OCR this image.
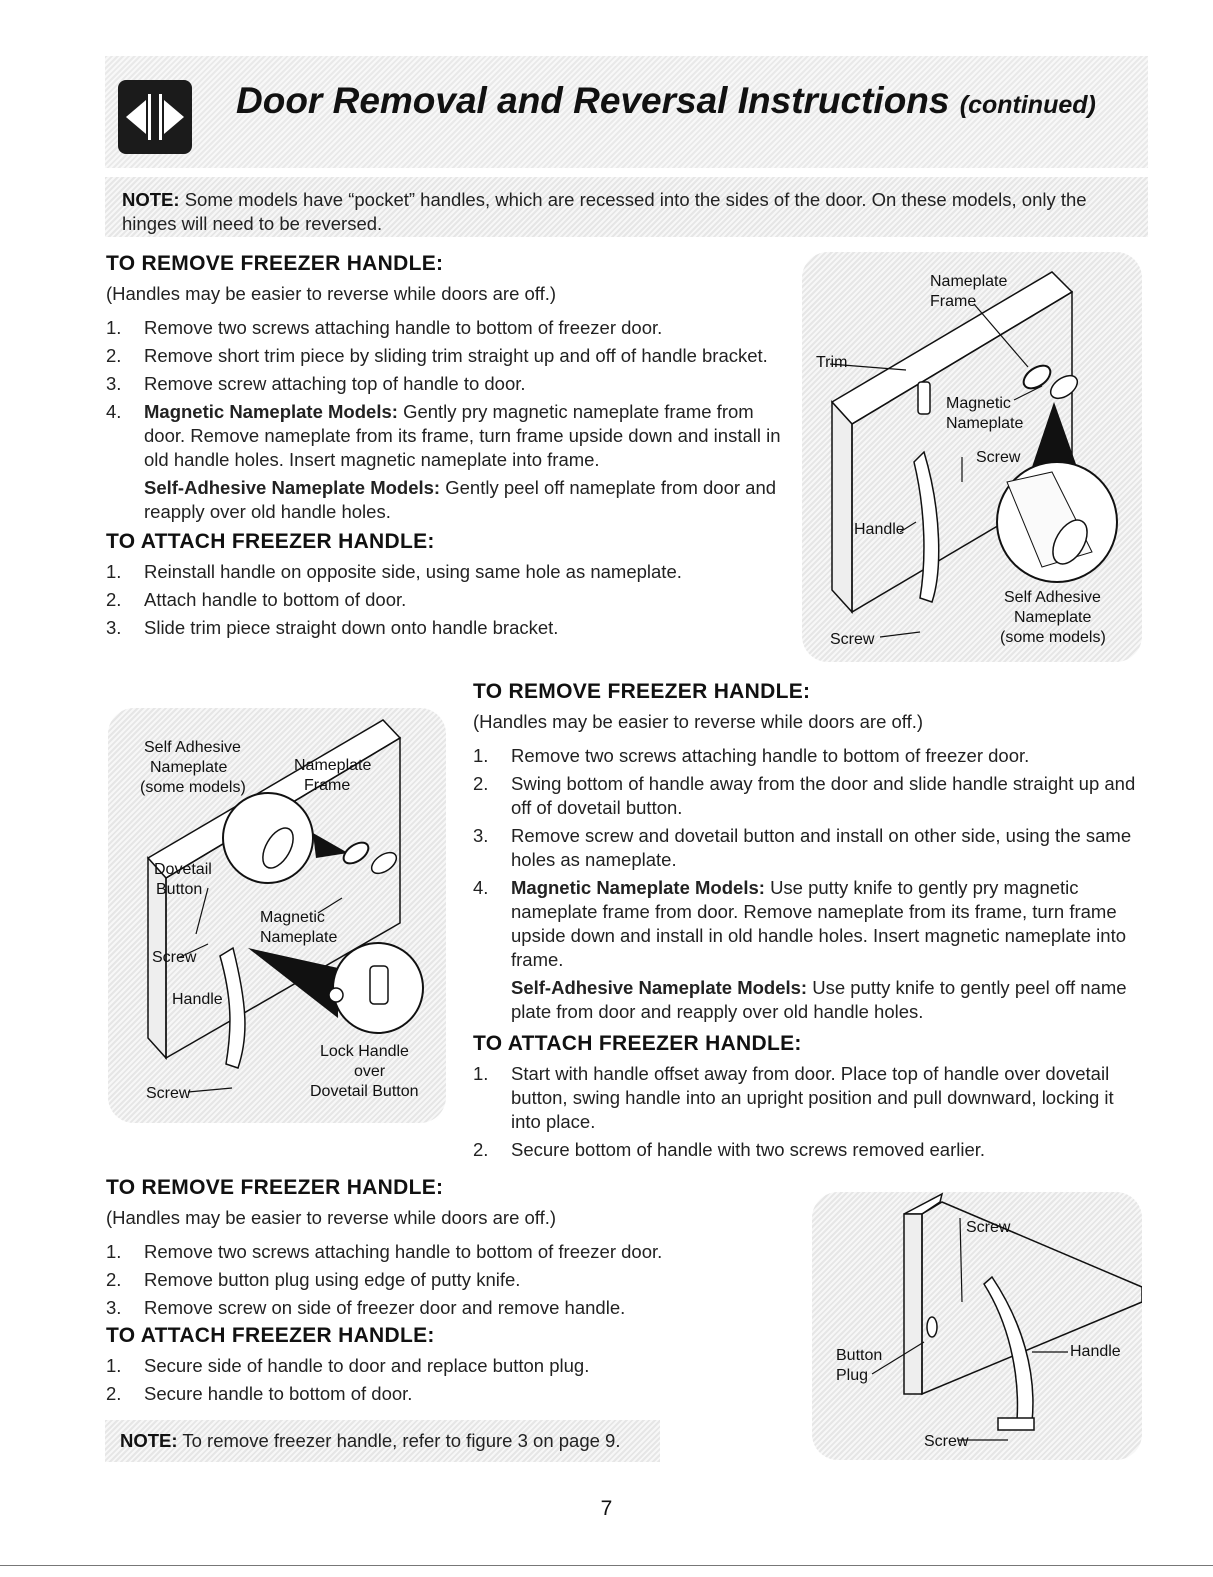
Door Removal and Reversal Instructions (continued)
NOTE: Some models have “pocket” handles, which are recessed into the sides of the door. On these models, only the hinges will need to be reversed.
TO REMOVE FREEZER HANDLE:
(Handles may be easier to reverse while doors are off.)
1. Remove two screws attaching handle to bottom of freezer door.
2. Remove short trim piece by sliding trim straight up and off of handle bracket.
3. Remove screw attaching top of handle to door.
4. Magnetic Nameplate Models: Gently pry magnetic nameplate frame from door. Remove nameplate from its frame, turn frame upside down and install in old handle holes. Insert magnetic nameplate into frame.
Self-Adhesive Nameplate Models: Gently peel off nameplate from door and reapply over old handle holes.
TO ATTACH FREEZER HANDLE:
1. Reinstall handle on opposite side, using same hole as nameplate.
2. Attach handle to bottom of door.
3. Slide trim piece straight down onto handle bracket.
Nameplate
Frame
Trim
Magnetic
Nameplate
Screw
Handle
Self Adhesive
Nameplate
(some models)
Screw
Self Adhesive
Nameplate
(some models)
Nameplate
Frame
Dovetail
Button
Magnetic
Nameplate
Screw
Handle
Lock Handle
over
Dovetail Button
Screw
TO REMOVE FREEZER HANDLE:
(Handles may be easier to reverse while doors are off.)
1. Remove two screws attaching handle to bottom of freezer door.
2. Swing bottom of handle away from the door and slide handle straight up and off of dovetail button.
3. Remove screw and dovetail button and install on other side, using the same holes as nameplate.
4. Magnetic Nameplate Models: Use putty knife to gently pry magnetic nameplate frame from door. Remove nameplate from its frame, turn frame upside down and install in old handle holes. Insert magnetic nameplate into frame.
Self-Adhesive Nameplate Models: Use putty knife to gently peel off name plate from door and reapply over old handle holes.
TO ATTACH FREEZER HANDLE:
1. Start with handle offset away from door. Place top of handle over dovetail button, swing handle into an upright position and pull downward, locking it into place.
2. Secure bottom of handle with two screws removed earlier.
TO REMOVE FREEZER HANDLE:
(Handles may be easier to reverse while doors are off.)
1. Remove two screws attaching handle to bottom of freezer door.
2. Remove button plug using edge of putty knife.
3. Remove screw on side of freezer door and remove handle.
TO ATTACH FREEZER HANDLE:
1. Secure side of handle to door and replace button plug.
2. Secure handle to bottom of door.
Screw
Button
Plug
Handle
Screw
NOTE: To remove freezer handle, refer to figure 3 on page 9.
7
